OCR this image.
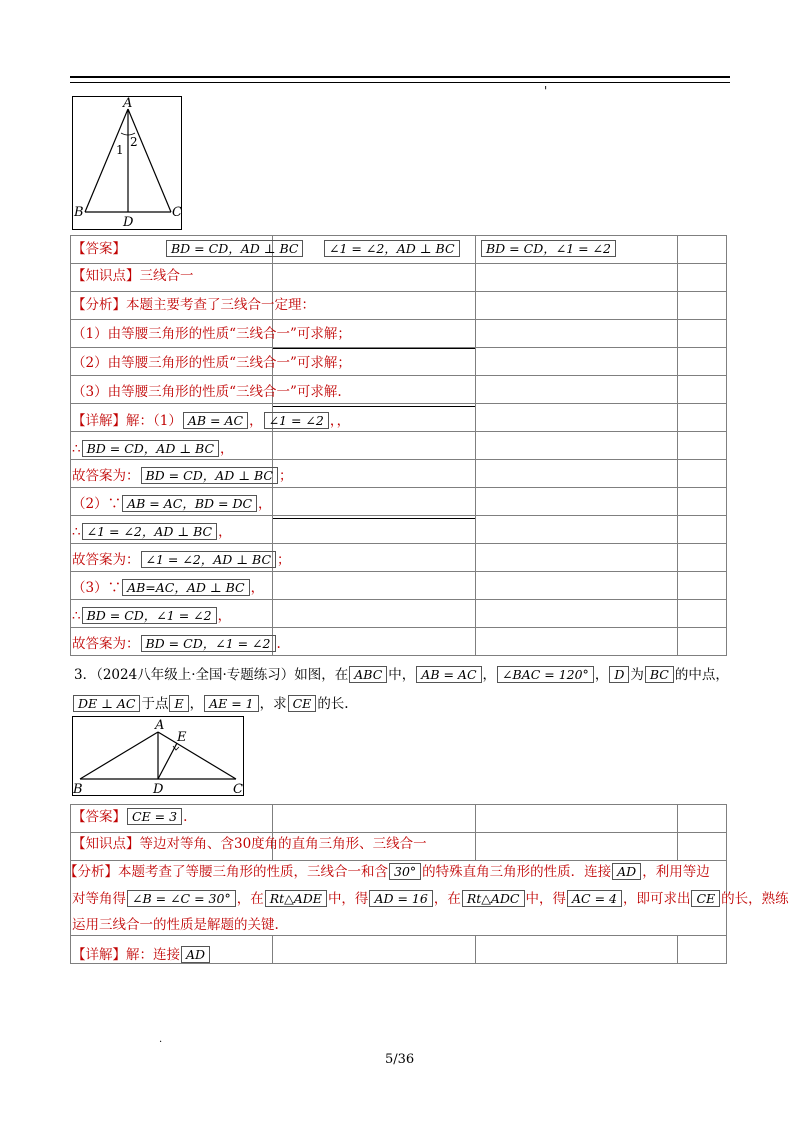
'
A
B	C
D
1
2

【答案】	BD = CD，AD ⊥ BC	∠1 = ∠2，AD ⊥ BC	BD = CD，∠1 = ∠2
【知识点】三线合一
【分析】本题主要考查了三线合一定理：
（1）由等腰三角形的性质“三线合一”可求解；
（2）由等腰三角形的性质“三线合一”可求解；
（3）由等腰三角形的性质“三线合一”可求解.
【详解】解：（1） AB = AC ， ∠1 = ∠2 ，，
∴ BD = CD，AD ⊥ BC ，
故答案为： BD = CD，AD ⊥ BC ；
（2）∵ AB = AC，BD = DC ，
∴ ∠1 = ∠2，AD ⊥ BC ，
故答案为： ∠1 = ∠2，AD ⊥ BC ；
（3）∵ AB=AC，AD ⊥ BC ，
∴ BD = CD，∠1 = ∠2 ，
故答案为： BD = CD，∠1 = ∠2 .
3．（2024八年级上·全国·专题练习）如图，在 ABC 中， AB = AC ， ∠BAC = 120° ， D 为 BC 的中点，
DE ⊥ AC 于点 E ， AE = 1 ，求 CE 的长.
A
E
B	D	C

【答案】 CE = 3 .
【知识点】等边对等角、含30度角的直角三角形、三线合一
【分析】本题考查了等腰三角形的性质，三线合一和含 30° 的特殊直角三角形的性质．连接 AD ，利用等边
对等角得 ∠B = ∠C = 30° ，在 Rt△ADE 中，得 AD = 16 ，在 Rt△ADC 中，得 AC = 4 ，即可求出 CE 的长，熟练
运用三线合一的性质是解题的关键.
【详解】解：连接 AD
.
5/36
